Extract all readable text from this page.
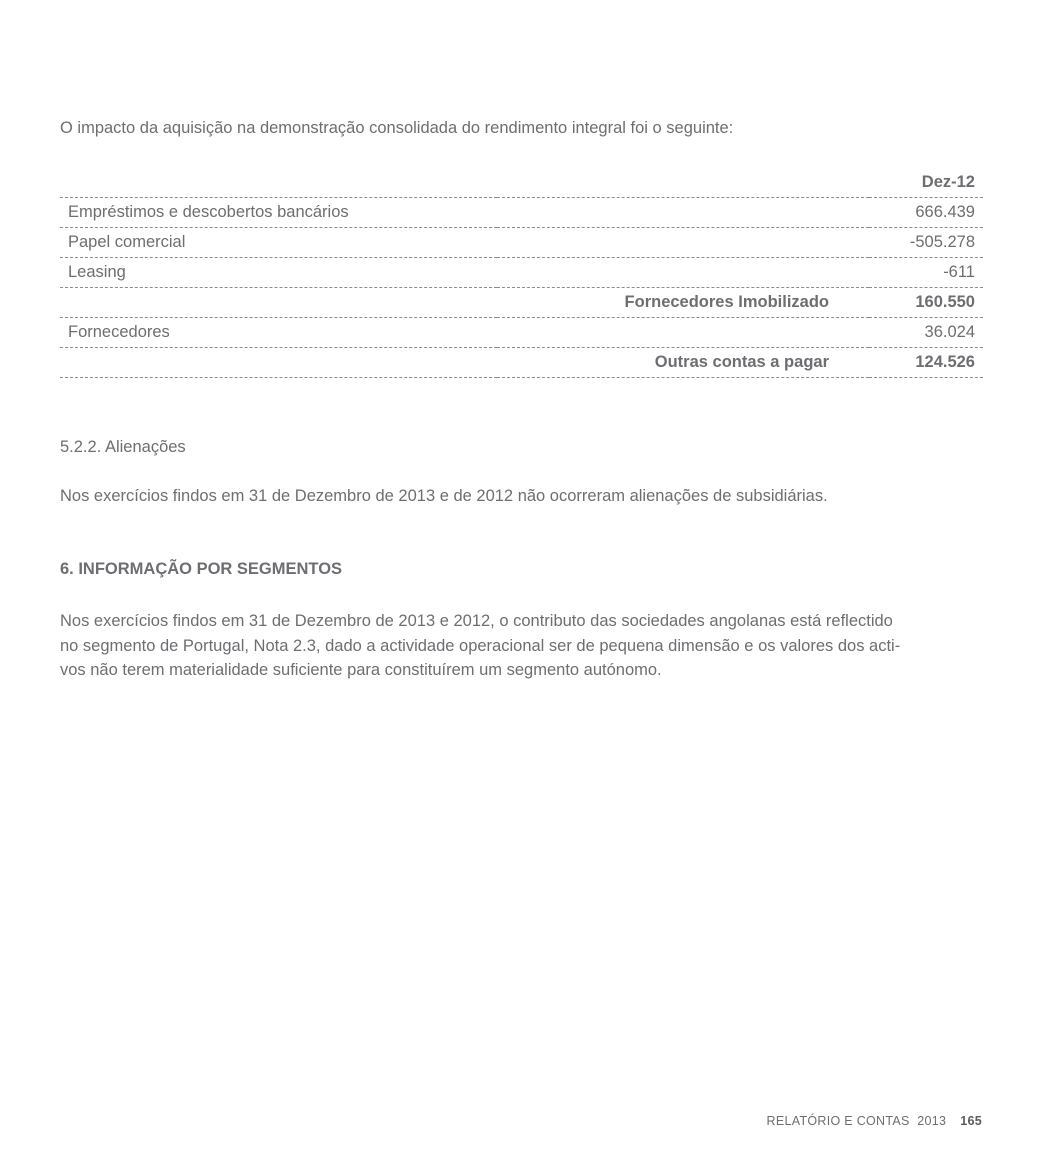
O impacto da aquisição na demonstração consolidada do rendimento integral foi o seguinte:
		Dez-12
Empréstimos e descobertos bancários		666.439
Papel comercial		-505.278
Leasing		-611
	Fornecedores Imobilizado	160.550
Fornecedores		36.024
	Outras contas a pagar	124.526
5.2.2. Alienações
Nos exercícios findos em 31 de Dezembro de 2013 e de 2012 não ocorreram alienações de subsidiárias.
6. INFORMAÇÃO POR SEGMENTOS
Nos exercícios findos em 31 de Dezembro de 2013 e 2012, o contributo das sociedades angolanas está reflectido
no segmento de Portugal, Nota 2.3, dado a actividade operacional ser de pequena dimensão e os valores dos acti-
vos não terem materialidade suficiente para constituírem um segmento autónomo.
RELATÓRIO E CONTAS  2013 165
